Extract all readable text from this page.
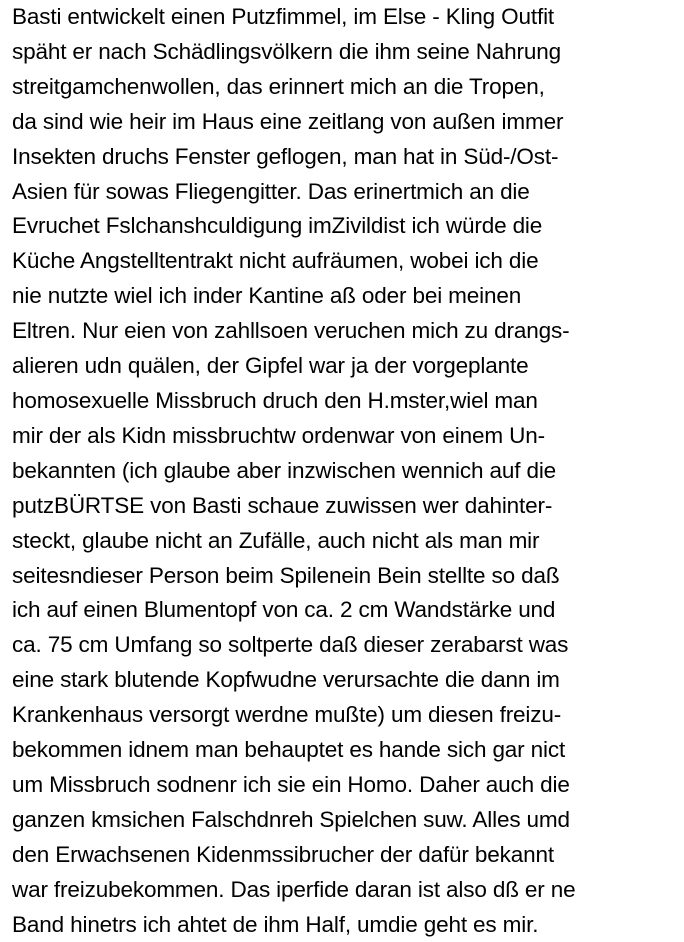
Basti entwickelt einen Putzfimmel, im Else - Kling Outfit
späht er nach Schädlingsvölkern die ihm seine Nahrung
streitgamchenwollen, das erinnert mich an die Tropen,
da sind wie heir im Haus eine zeitlang von außen immer
Insekten druchs Fenster geflogen, man hat in Süd-/Ost-
Asien für sowas Fliegengitter. Das erinertmich an die
Evruchet Fslchanshculdigung imZivildist ich würde die
Küche Angstelltentrakt nicht aufräumen, wobei ich die
nie nutzte wiel ich inder Kantine aß oder bei meinen
Eltren. Nur eien von zahllsoen veruchen mich zu drangs-
alieren udn quälen, der Gipfel war ja der vorgeplante
homosexuelle Missbruch druch den H.mster,wiel man
mir der als Kidn missbruchtw ordenwar von einem Un-
bekannten (ich glaube aber inzwischen wennich auf die
putzBÜRTSE von Basti schaue zuwissen wer dahinter-
steckt, glaube nicht an Zufälle, auch nicht als man mir
seitesndieser Person beim Spilenein Bein stellte so daß
ich auf einen Blumentopf von ca. 2 cm Wandstärke und
ca. 75 cm Umfang so soltperte daß dieser zerabarst was
eine stark blutende Kopfwudne verursachte die dann im
Krankenhaus versorgt werdne mußte) um diesen freizu-
bekommen idnem man behauptet es hande sich gar nict
um Missbruch sodnenr ich sie ein Homo. Daher auch die
ganzen kmsichen Falschdnreh Spielchen suw. Alles umd
den Erwachsenen Kidenmssibrucher der dafür bekannt
war freizubekommen. Das iperfide daran ist also dß er ne
Band hinetrs ich ahtet de ihm Half, umdie geht es mir.
